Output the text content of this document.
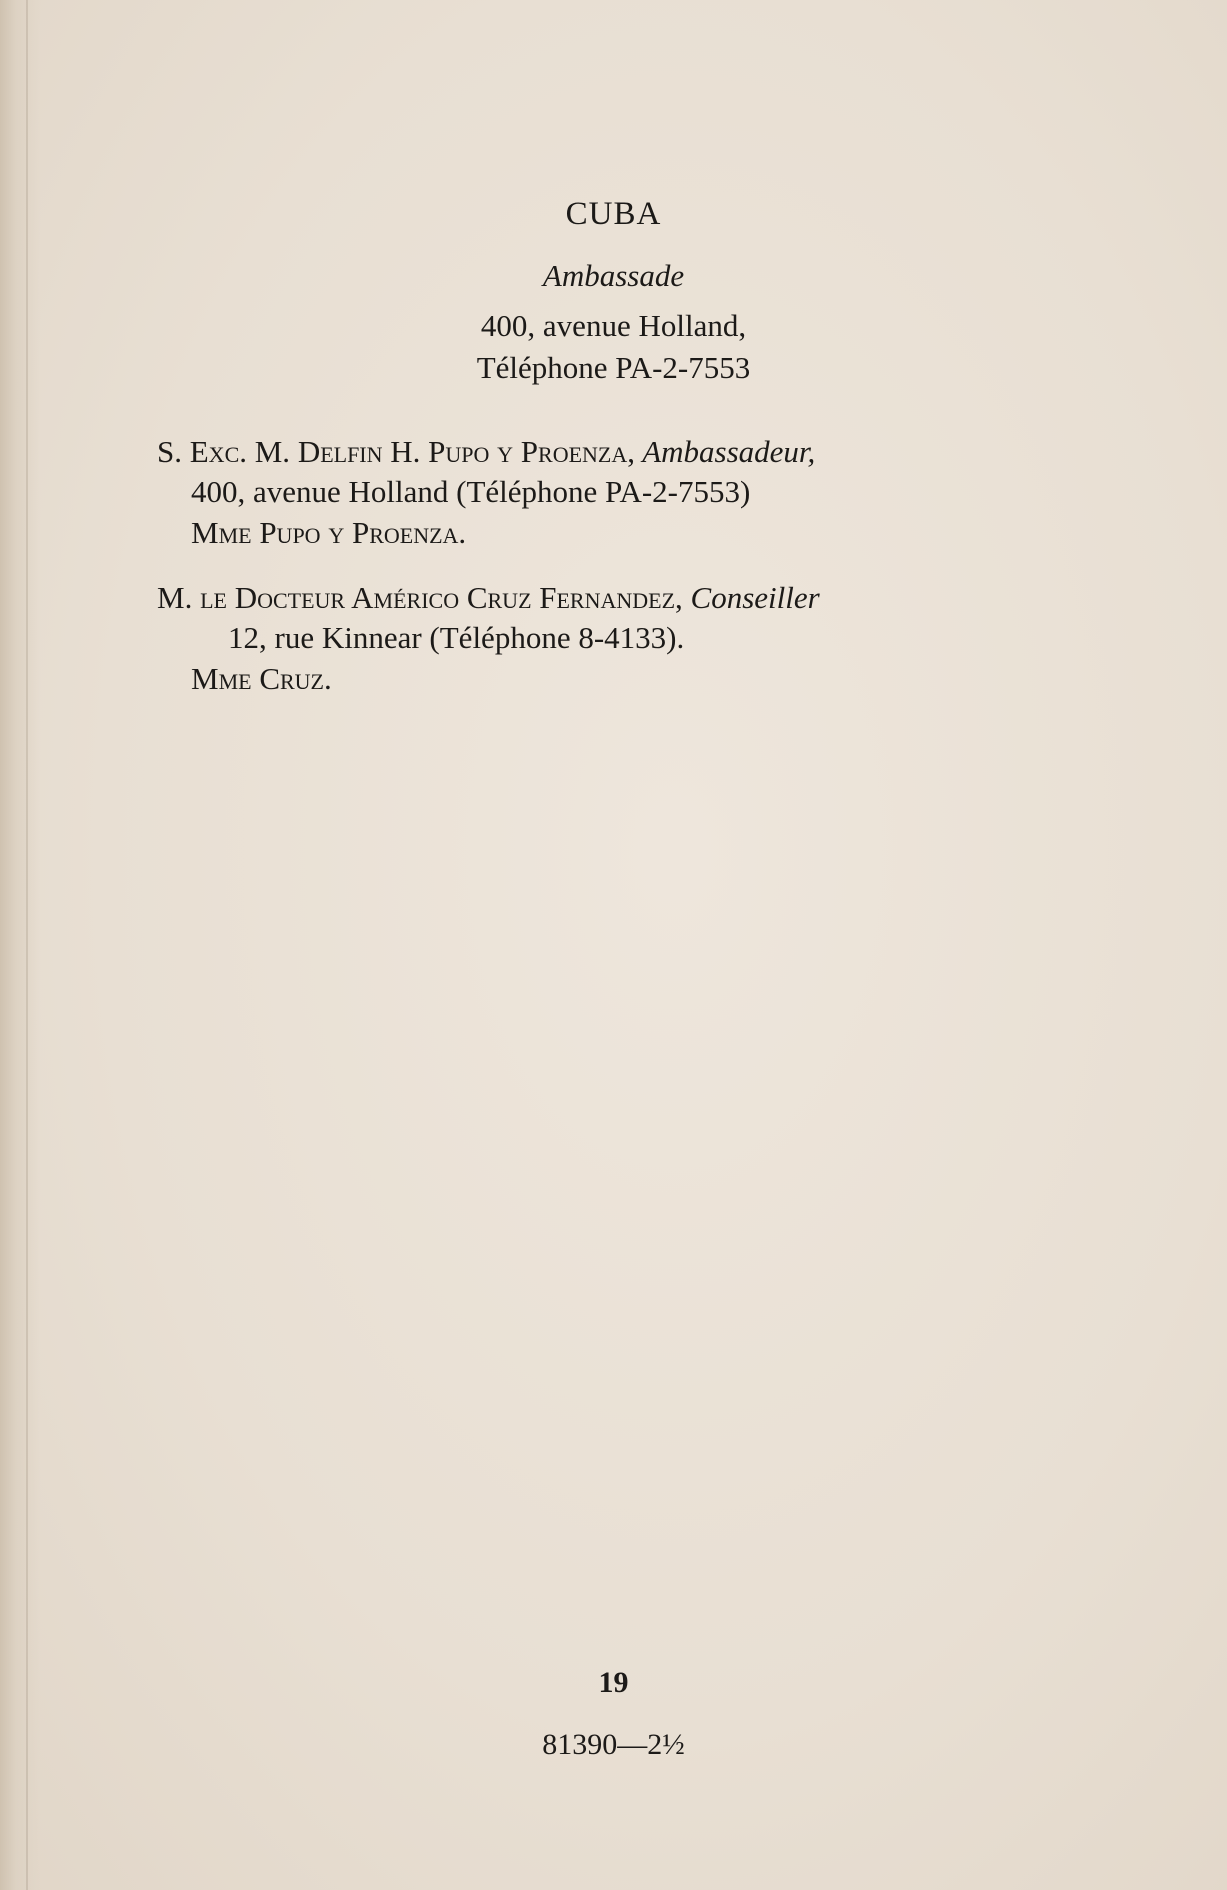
CUBA
Ambassade
400, avenue Holland,
Téléphone PA-2-7553
S. Exc. M. Delfin H. Pupo y Proenza, Ambassadeur,
400, avenue Holland (Téléphone PA-2-7553)
Mme Pupo y Proenza.
M. le Docteur Américo Cruz Fernandez, Conseiller
12, rue Kinnear (Téléphone 8-4133).
Mme Cruz.
19
81390—2½
